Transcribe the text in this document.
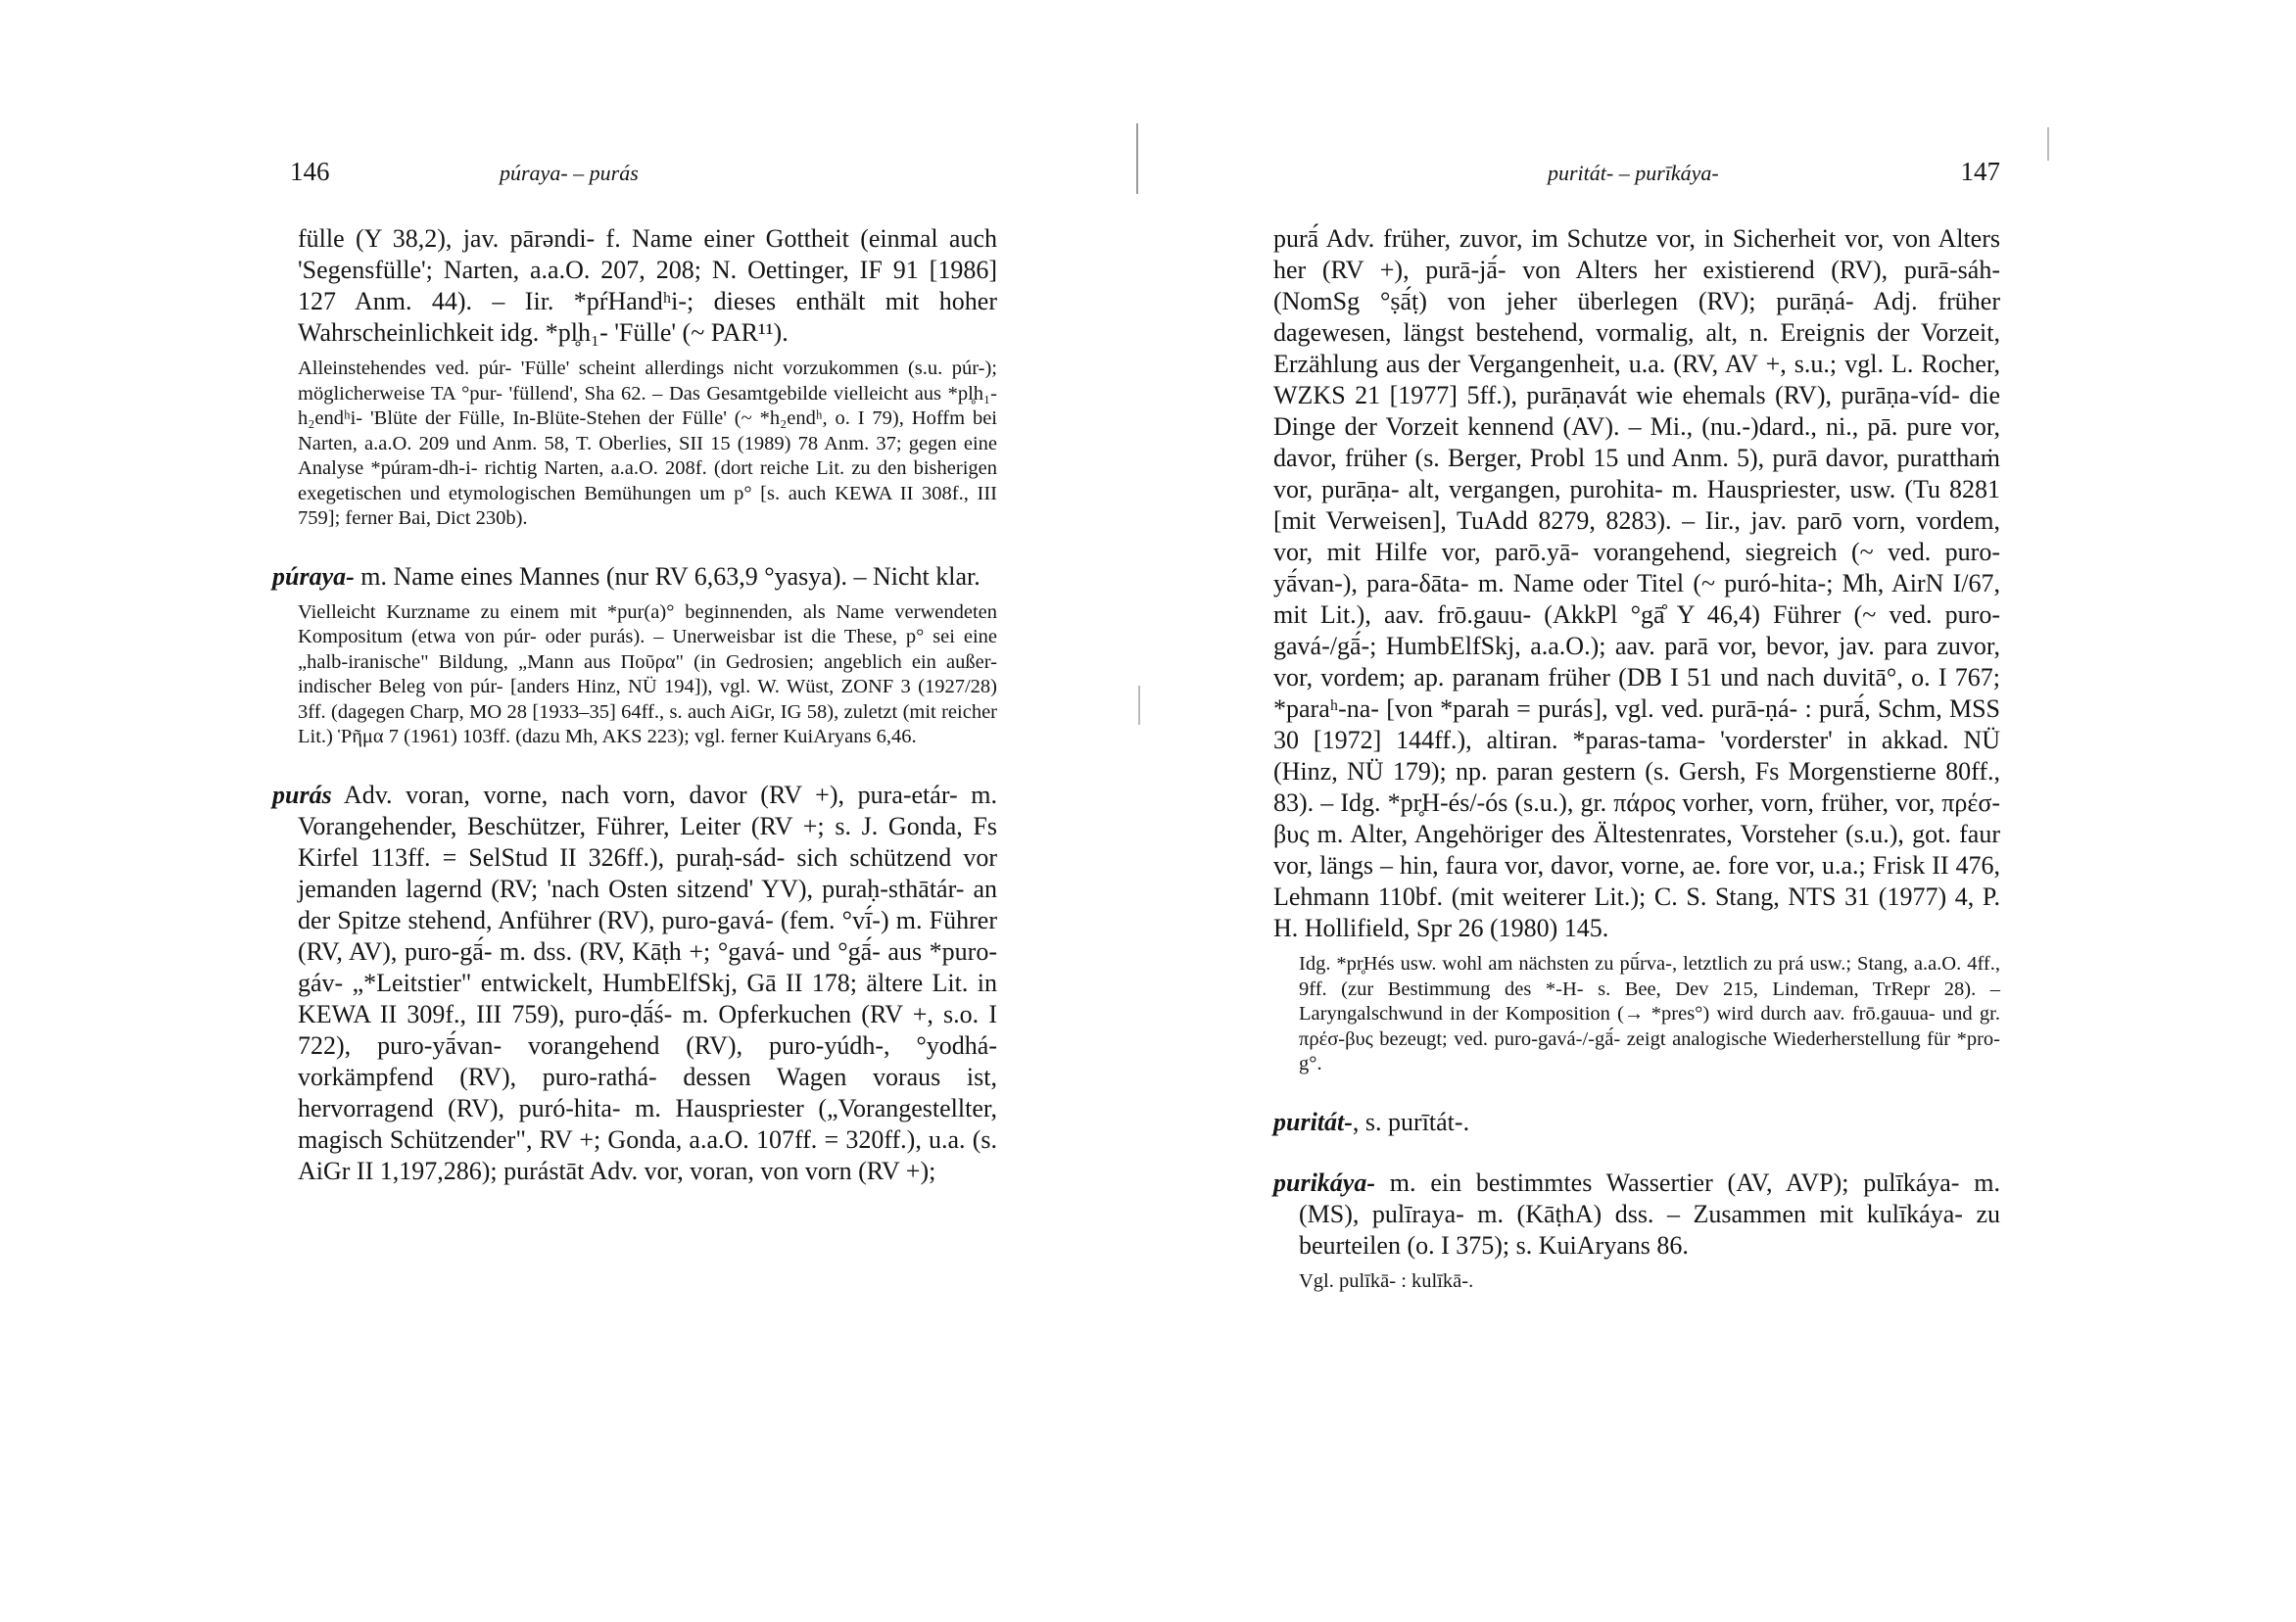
146	púraya- – purás

fülle (Y 38,2), jav. pārəndi- f. Name einer Gottheit (einmal auch 'Segensfülle'; Narten, a.a.O. 207, 208; N. Oettinger, IF 91 [1986] 127 Anm. 44). – Iir. *pŕHandʰi-; dieses enthält mit hoher Wahrscheinlichkeit idg. *pl̥h₁- 'Fülle' (~ PAR¹¹).

Alleinstehendes ved. púr- 'Fülle' scheint allerdings nicht vorzukommen (s.u. púr-); möglicherweise TA °pur- 'füllend', Sha 62. – Das Gesamtgebilde vielleicht aus *pl̥h₁-h₂endʰi- 'Blüte der Fülle, In-Blüte-Stehen der Fülle' (~ *h₂endʰ, o. I 79), Hoffm bei Narten, a.a.O. 209 und Anm. 58, T. Oberlies, SII 15 (1989) 78 Anm. 37; gegen eine Analyse *púram-dh-i- richtig Narten, a.a.O. 208f. (dort reiche Lit. zu den bisherigen exegetischen und etymologischen Bemühungen um p° [s. auch KEWA II 308f., III 759]; ferner Bai, Dict 230b).

púraya- m. Name eines Mannes (nur RV 6,63,9 °yasya). – Nicht klar.

Vielleicht Kurzname zu einem mit *pur(a)° beginnenden, als Name verwendeten Kompositum (etwa von púr- oder purás). – Unerweisbar ist die These, p° sei eine „halb-iranische" Bildung, „Mann aus Πoῦρα" (in Gedrosien; angeblich ein außer-indischer Beleg von púr- [anders Hinz, NÜ 194]), vgl. W. Wüst, ZONF 3 (1927/28) 3ff. (dagegen Charp, MO 28 [1933–35] 64ff., s. auch AiGr, IG 58), zuletzt (mit reicher Lit.) Ῥῆμα 7 (1961) 103ff. (dazu Mh, AKS 223); vgl. ferner KuiAryans 6,46.

purás Adv. voran, vorne, nach vorn, davor (RV +), pura-etár- m. Vorangehender, Beschützer, Führer, Leiter (RV +; s. J. Gonda, Fs Kirfel 113ff. = SelStud II 326ff.), puraḥ-sád- sich schützend vor jemanden lagernd (RV; 'nach Osten sitzend' YV), puraḥ-sthātár- an der Spitze stehend, Anführer (RV), puro-gavá- (fem. °vī́-) m. Führer (RV, AV), puro-gā́- m. dss. (RV, Kāṭh +; °gavá- und °gā́- aus *puro-gáv- „*Leitstier" entwickelt, HumbElfSkj, Gā II 178; ältere Lit. in KEWA II 309f., III 759), puro-ḍā́ś- m. Opferkuchen (RV +, s.o. I 722), puro-yā́van- vorangehend (RV), puro-yúdh-, °yodhá- vorkämpfend (RV), puro-rathá- dessen Wagen voraus ist, hervorragend (RV), puró-hita- m. Hauspriester („Vorangestellter, magisch Schützender", RV +; Gonda, a.a.O. 107ff. = 320ff.), u.a. (s. AiGr II 1,197,286); purástāt Adv. vor, voran, von vorn (RV +);

puritát- – purīkáya-	147

purā́ Adv. früher, zuvor, im Schutze vor, in Sicherheit vor, von Alters her (RV +), purā-jā́- von Alters her existierend (RV), purā-sáh- (NomSg °ṣā́ṭ) von jeher überlegen (RV); purāṇá- Adj. früher dagewesen, längst bestehend, vormalig, alt, n. Ereignis der Vorzeit, Erzählung aus der Vergangenheit, u.a. (RV, AV +, s.u.; vgl. L. Rocher, WZKS 21 [1977] 5ff.), purāṇavát wie ehemals (RV), purāṇa-víd- die Dinge der Vorzeit kennend (AV). – Mi., (nu.-)dard., ni., pā. pure vor, davor, früher (s. Berger, Probl 15 und Anm. 5), purā davor, puratthaṁ vor, purāṇa- alt, vergangen, purohita- m. Hauspriester, usw. (Tu 8281 [mit Verweisen], TuAdd 8279, 8283). – Iir., jav. parō vorn, vordem, vor, mit Hilfe vor, parō.yā- vorangehend, siegreich (~ ved. puro-yā́van-), para-δāta- m. Name oder Titel (~ puró-hita-; Mh, AirN I/67, mit Lit.), aav. frō.gauu- (AkkPl °gā̊ Y 46,4) Führer (~ ved. puro-gavá-/gā́-; HumbElfSkj, a.a.O.); aav. parā vor, bevor, jav. para zuvor, vor, vordem; ap. paranam früher (DB I 51 und nach duvitā°, o. I 767; *paraʰ-na- [von *parah = purás], vgl. ved. purā-ṇá- : purā́, Schm, MSS 30 [1972] 144ff.), altiran. *paras-tama- 'vorderster' in akkad. NÜ (Hinz, NÜ 179); np. paran gestern (s. Gersh, Fs Morgenstierne 80ff., 83). – Idg. *pr̥H-és/-ós (s.u.), gr. πάρος vorher, vorn, früher, vor, πρέσ-βυς m. Alter, Angehöriger des Ältestenrates, Vorsteher (s.u.), got. faur vor, längs – hin, faura vor, davor, vorne, ae. fore vor, u.a.; Frisk II 476, Lehmann 110bf. (mit weiterer Lit.); C. S. Stang, NTS 31 (1977) 4, P. H. Hollifield, Spr 26 (1980) 145.

Idg. *pr̥Hés usw. wohl am nächsten zu pū́rva-, letztlich zu prá usw.; Stang, a.a.O. 4ff., 9ff. (zur Bestimmung des *-H- s. Bee, Dev 215, Lindeman, TrRepr 28). – Laryngalschwund in der Komposition (→ *pres°) wird durch aav. frō.gauua- und gr. πρέσ-βυς bezeugt; ved. puro-gavá-/-gā́- zeigt analogische Wiederherstellung für *pro-g°.

puritát-, s. purītát-.

purikáya- m. ein bestimmtes Wassertier (AV, AVP); pulīkáya- m. (MS), pulīraya- m. (KāṭhA) dss. – Zusammen mit kulīkáya- zu beurteilen (o. I 375); s. KuiAryans 86.

Vgl. pulīkā- : kulīkā-.
